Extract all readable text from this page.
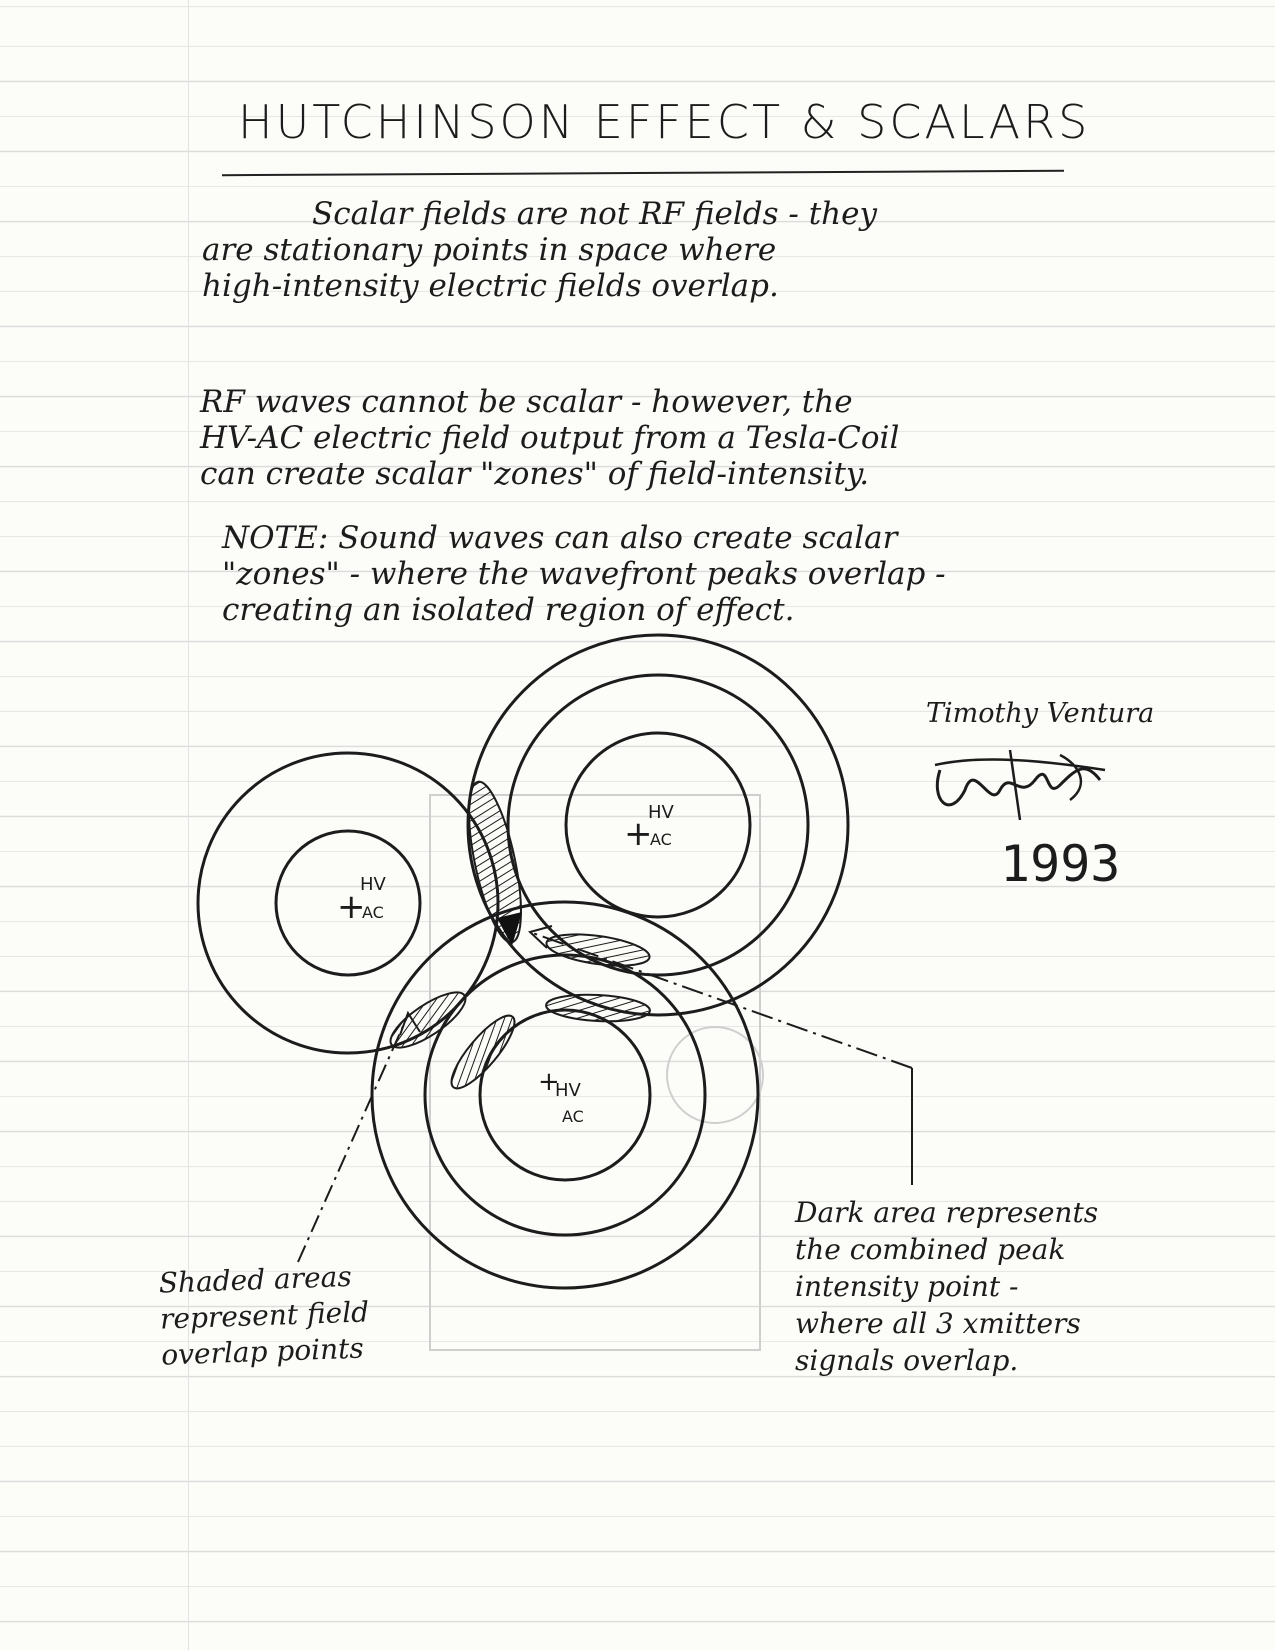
HUTCHINSON EFFECT & SCALARS
Scalar fields are not RF fields - they
are stationary points in space where
high-intensity electric fields overlap.
RF waves cannot be scalar - however, the
HV-AC electric field output from a Tesla-Coil
can create scalar "zones" of field-intensity.
NOTE: Sound waves can also create scalar
"zones" - where the wavefront peaks overlap -
creating an isolated region of effect.
Timothy Ventura
1993
+
HV
AC
+
HV
AC
+
HV
AC
Shaded areas
represent field
overlap points
Dark area represents
the combined peak
intensity point -
where all 3 xmitters
signals overlap.
